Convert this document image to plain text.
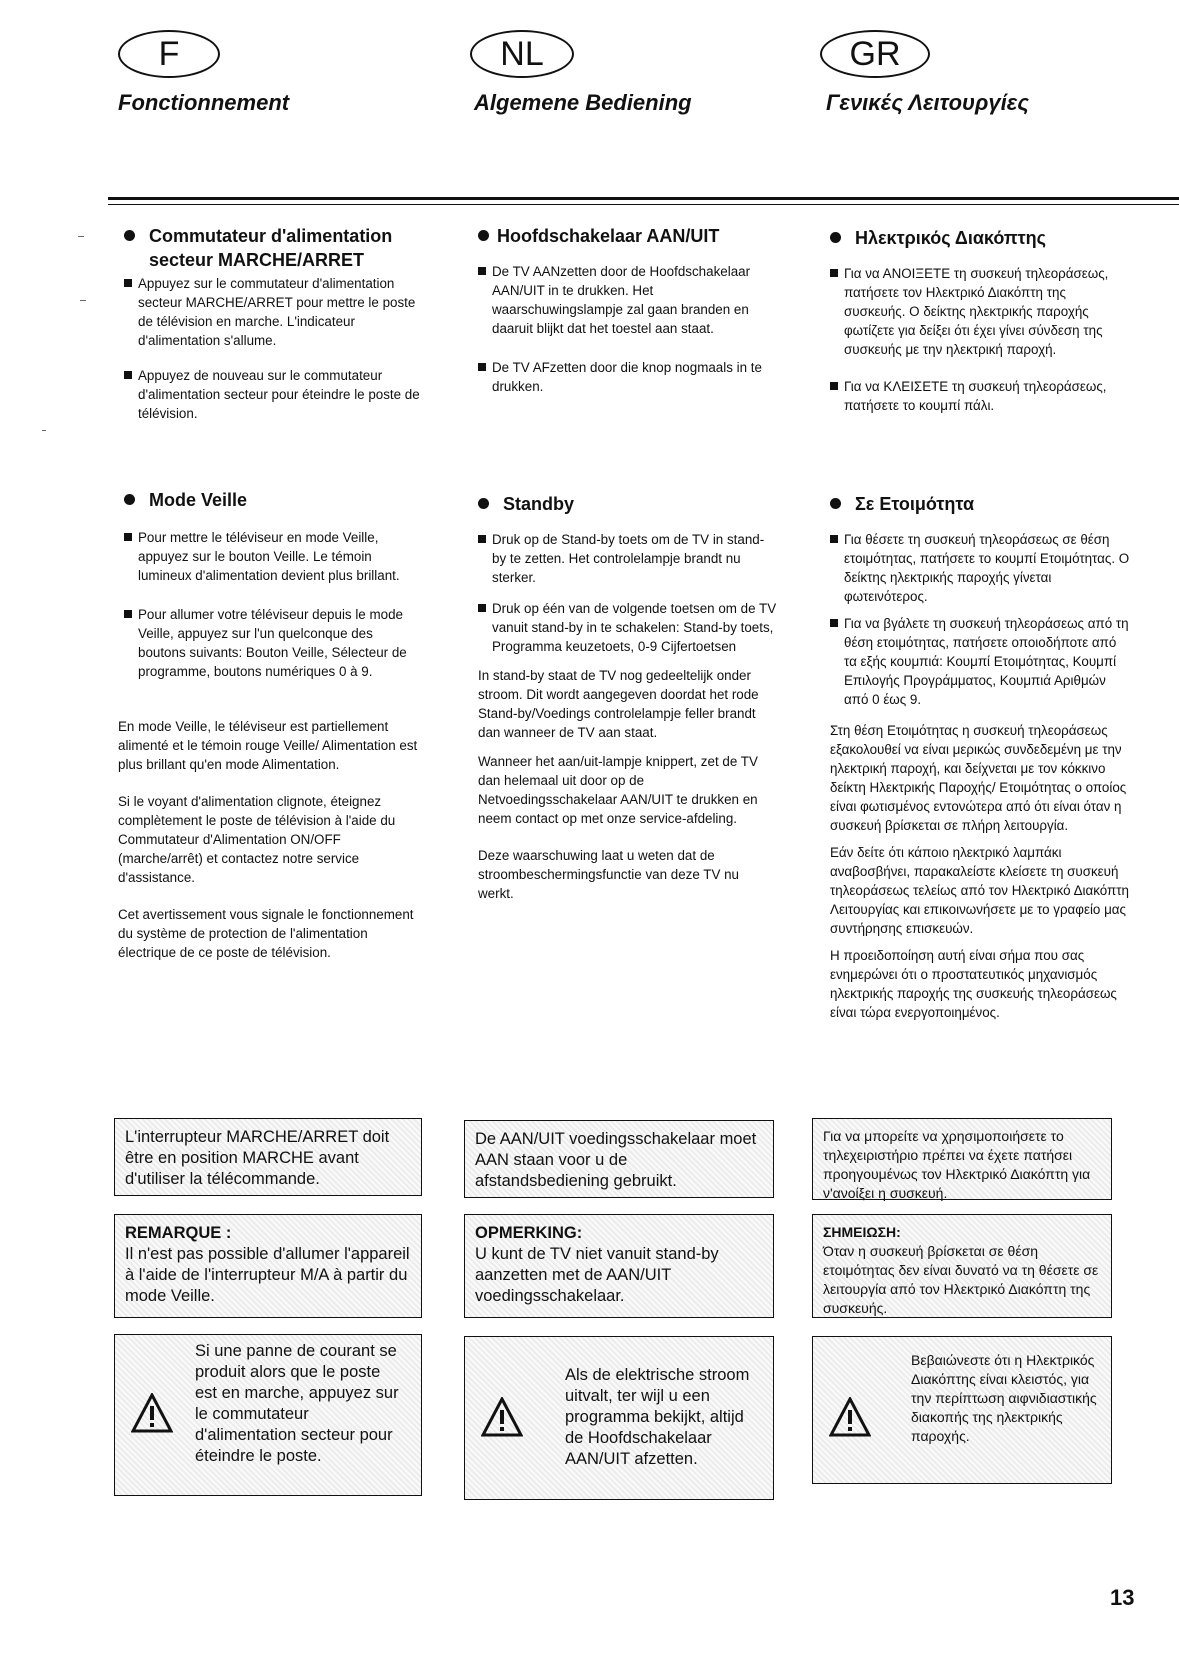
F	NL	GR
Fonctionnement	Algemene Bediening	Γενικές Λειτουργίες
Commutateur d'alimentation secteur MARCHE/ARRET
Appuyez sur le commutateur d'alimentation secteur MARCHE/ARRET pour mettre le poste de télévision en marche. L'indicateur d'alimentation s'allume.
Appuyez de nouveau sur le commutateur d'alimentation secteur pour éteindre le poste de télévision.
Mode Veille
Pour mettre le téléviseur en mode Veille, appuyez sur le bouton Veille. Le témoin lumineux d'alimentation devient plus brillant.
Pour allumer votre téléviseur depuis le mode Veille, appuyez sur l'un quelconque des boutons suivants: Bouton Veille, Sélecteur de programme, boutons numériques 0 à 9.

En mode Veille, le téléviseur est partiellement alimenté et le témoin rouge Veille/ Alimentation est plus brillant qu'en mode Alimentation.

Si le voyant d'alimentation clignote, éteignez complètement le poste de télévision à l'aide du Commutateur d'Alimentation ON/OFF (marche/arrêt) et contactez notre service d'assistance.

Cet avertissement vous signale le fonctionnement du système de protection de l'alimentation électrique de ce poste de télévision.

Hoofdschakelaar AAN/UIT
De TV AANzetten door de Hoofdschakelaar AAN/UIT in te drukken. Het waarschuwingslampje zal gaan branden en daaruit blijkt dat het toestel aan staat.
De TV AFzetten door die knop nogmaals in te drukken.
Standby
Druk op de Stand-by toets om de TV in stand-by te zetten. Het controlelampje brandt nu sterker.
Druk op één van de volgende toetsen om de TV vanuit stand-by in te schakelen: Stand-by toets, Programma keuzetoets, 0-9 Cijfertoetsen

In stand-by staat de TV nog gedeeltelijk onder stroom. Dit wordt aangegeven doordat het rode Stand-by/Voedings controlelampje feller brandt dan wanneer de TV aan staat.

Wanneer het aan/uit-lampje knippert, zet de TV dan helemaal uit door op de Netvoedingsschakelaar AAN/UIT te drukken en neem contact op met onze service-afdeling.

Deze waarschuwing laat u weten dat de stroombeschermingsfunctie van deze TV nu werkt.

Ηλεκτρικός Διακόπτης
Για να ΑΝΟΙΞΕΤΕ τη συσκευή τηλεοράσεως, πατήσετε τον Ηλεκτρικό Διακόπτη της συσκευής. Ο δείκτης ηλεκτρικής παροχής φωτίζετε για δείξει ότι έχει γίνει σύνδεση της συσκευής με την ηλεκτρική παροχή.
Για να ΚΛΕΙΣΕΤΕ τη συσκευή τηλεοράσεως, πατήσετε το κουμπί πάλι.
Σε Ετοιμότητα
Για θέσετε τη συσκευή τηλεοράσεως σε θέση ετοιμότητας, πατήσετε το κουμπί Ετοιμότητας. Ο δείκτης ηλεκτρικής παροχής γίνεται φωτεινότερος.
Για να βγάλετε τη συσκευή τηλεοράσεως από τη θέση ετοιμότητας, πατήσετε οποιοδήποτε από τα εξής κουμπιά: Κουμπί Ετοιμότητας, Κουμπί Επιλογής Προγράμματος, Κουμπιά Αριθμών από 0 έως 9.

Στη θέση Ετοιμότητας η συσκευή τηλεοράσεως εξακολουθεί να είναι μερικώς συνδεδεμένη με την ηλεκτρική παροχή, και δείχνεται με τον κόκκινο δείκτη Ηλεκτρικής Παροχής/ Ετοιμότητας ο οποίος είναι φωτισμένος εντονώτερα από ότι είναι όταν η συσκευή βρίσκεται σε πλήρη λειτουργία.

Εάν δείτε ότι κάποιο ηλεκτρικό λαμπάκι αναβοσβήνει, παρακαλείστε κλείσετε τη συσκευή τηλεοράσεως τελείως από τον Ηλεκτρικό Διακόπτη Λειτουργίας και επικοινωνήσετε με το γραφείο μας συντήρησης επισκευών.

Η προειδοποίηση αυτή είναι σήμα που σας ενημερώνει ότι ο προστατευτικός μηχανισμός ηλεκτρικής παροχής της συσκευής τηλεοράσεως είναι τώρα ενεργοποιημένος.

L'interrupteur MARCHE/ARRET doit être en position MARCHE avant d'utiliser la télécommande.
De AAN/UIT voedingsschakelaar moet AAN staan voor u de afstandsbediening gebruikt.
Για να μπορείτε να χρησιμοποιήσετε το τηλεχειριστήριο πρέπει να έχετε πατήσει προηγουμένως τον Ηλεκτρικό Διακόπτη για ν'ανοίξει η συσκευή.
REMARQUE :
Il n'est pas possible d'allumer l'appareil à l'aide de l'interrupteur M/A à partir du mode Veille.
OPMERKING:
U kunt de TV niet vanuit stand-by aanzetten met de AAN/UIT voedingsschakelaar.
ΣΗΜΕΙΩΣΗ:
Όταν η συσκευή βρίσκεται σε θέση ετοιμότητας δεν είναι δυνατό να τη θέσετε σε λειτουργία από τον Ηλεκτρικό Διακόπτη της συσκευής.
Si une panne de courant se produit alors que le poste est en marche, appuyez sur le commutateur d'alimentation secteur pour éteindre le poste.
Als de elektrische stroom uitvalt, ter wijl u een programma bekijkt, altijd de Hoofdschakelaar AAN/UIT afzetten.
Βεβαιώνεστε ότι η Ηλεκτρικός Διακόπτης είναι κλειστός, για την περίπτωση αιφνιδιαστικής διακοπής της ηλεκτρικής παροχής.
13
